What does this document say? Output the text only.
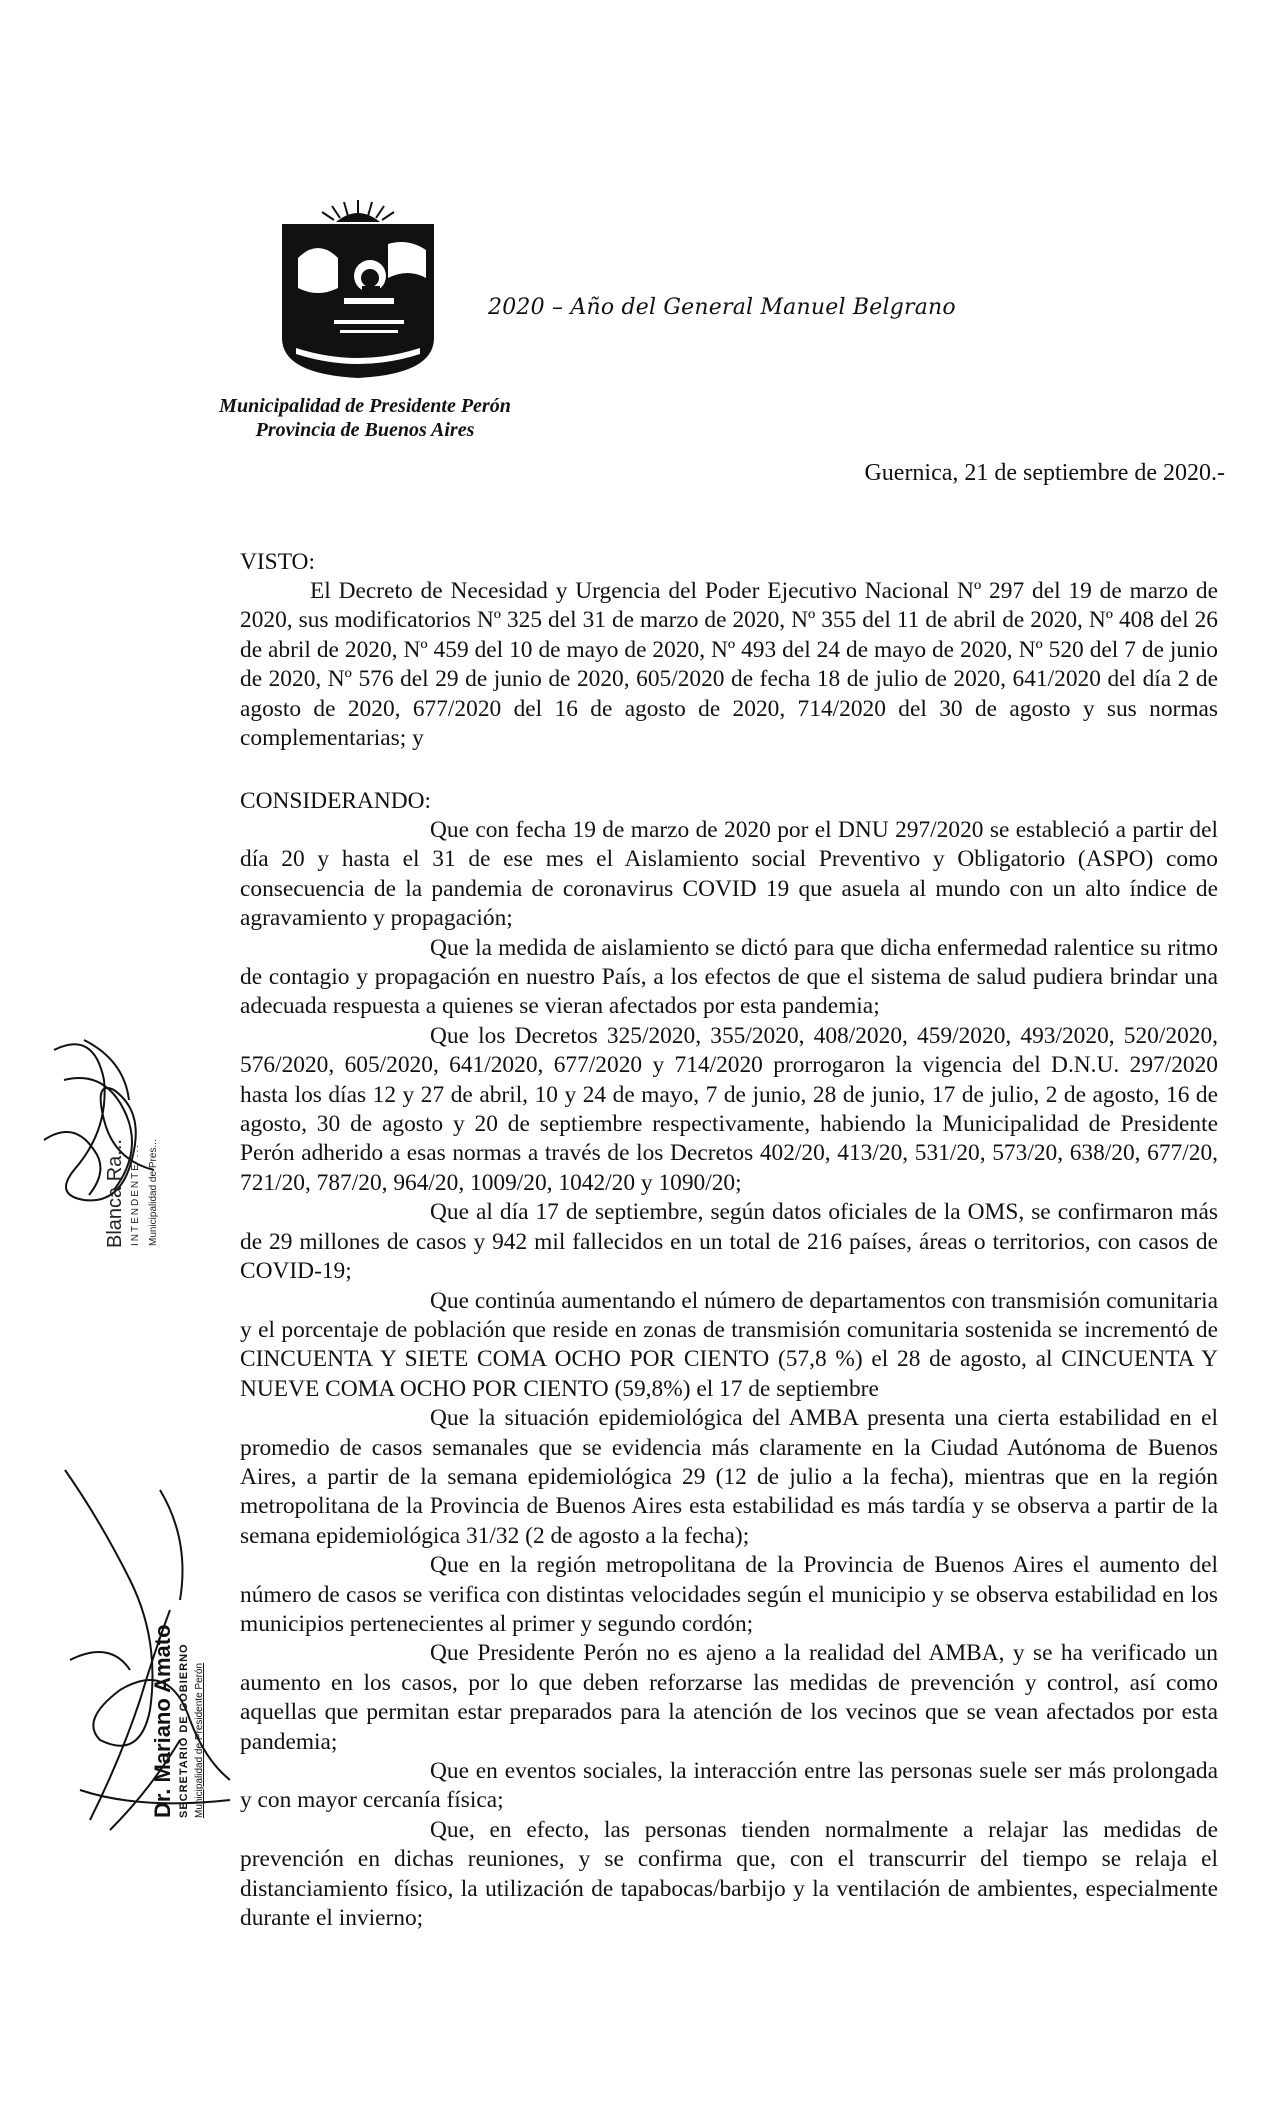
2020 – Año del General Manuel Belgrano
Municipalidad de Presidente Perón
Provincia de Buenos Aires
Guernica, 21 de septiembre de 2020.-
VISTO:

El Decreto de Necesidad y Urgencia del Poder Ejecutivo Nacional Nº 297 del 19 de marzo de 2020, sus modificatorios Nº 325 del 31 de marzo de 2020, Nº 355 del 11 de abril de 2020, Nº 408 del 26 de abril de 2020, Nº 459 del 10 de mayo de 2020, Nº 493 del 24 de mayo de 2020, Nº 520 del 7 de junio de 2020, Nº 576 del 29 de junio de 2020, 605/2020 de fecha 18 de julio de 2020, 641/2020 del día 2 de agosto de 2020, 677/2020 del 16 de agosto de 2020, 714/2020 del 30 de agosto y sus normas complementarias; y

CONSIDERANDO:

Que con fecha 19 de marzo de 2020 por el DNU 297/2020 se estableció a partir del día 20 y hasta el 31 de ese mes el Aislamiento social Preventivo y Obligatorio (ASPO) como consecuencia de la pandemia de coronavirus COVID 19 que asuela al mundo con un alto índice de agravamiento y propagación;

Que la medida de aislamiento se dictó para que dicha enfermedad ralentice su ritmo de contagio y propagación en nuestro País, a los efectos de que el sistema de salud pudiera brindar una adecuada respuesta a quienes se vieran afectados por esta pandemia;

Que los Decretos 325/2020, 355/2020, 408/2020, 459/2020, 493/2020, 520/2020, 576/2020, 605/2020, 641/2020, 677/2020 y 714/2020 prorrogaron la vigencia del D.N.U. 297/2020 hasta los días 12 y 27 de abril, 10 y 24 de mayo, 7 de junio, 28 de junio, 17 de julio, 2 de agosto, 16 de agosto, 30 de agosto y 20 de septiembre respectivamente, habiendo la Municipalidad de Presidente Perón adherido a esas normas a través de los Decretos 402/20, 413/20, 531/20, 573/20, 638/20, 677/20, 721/20, 787/20, 964/20, 1009/20, 1042/20 y 1090/20;

Que al día 17 de septiembre, según datos oficiales de la OMS, se confirmaron más de 29 millones de casos y 942 mil fallecidos en un total de 216 países, áreas o territorios, con casos de COVID-19;

Que continúa aumentando el número de departamentos con transmisión comunitaria y el porcentaje de población que reside en zonas de transmisión comunitaria sostenida se incrementó de CINCUENTA Y SIETE COMA OCHO POR CIENTO (57,8 %) el 28 de agosto, al CINCUENTA Y NUEVE COMA OCHO POR CIENTO (59,8%) el 17 de septiembre

Que la situación epidemiológica del AMBA presenta una cierta estabilidad en el promedio de casos semanales que se evidencia más claramente en la Ciudad Autónoma de Buenos Aires, a partir de la semana epidemiológica 29 (12 de julio a la fecha), mientras que en la región metropolitana de la Provincia de Buenos Aires esta estabilidad es más tardía y se observa a partir de la semana epidemiológica 31/32 (2 de agosto a la fecha);

Que en la región metropolitana de la Provincia de Buenos Aires el aumento del número de casos se verifica con distintas velocidades según el municipio y se observa estabilidad en los municipios pertenecientes al primer y segundo cordón;

Que Presidente Perón no es ajeno a la realidad del AMBA, y se ha verificado un aumento en los casos, por lo que deben reforzarse las medidas de prevención y control, así como aquellas que permitan estar preparados para la atención de los vecinos que se vean afectados por esta pandemia;

Que en eventos sociales, la interacción entre las personas suele ser más prolongada y con mayor cercanía física;

Que, en efecto, las personas tienden normalmente a relajar las medidas de prevención en dichas reuniones, y se confirma que, con el transcurrir del tiempo se relaja el distanciamiento físico, la utilización de tapabocas/barbijo y la ventilación de ambientes, especialmente durante el invierno;

Blanca Ra... INTENDENTE ... Municipalidad de Pres...
Dr. Mariano Amato SECRETARIO DE GOBIERNO Municipalidad de Presidente Perón
